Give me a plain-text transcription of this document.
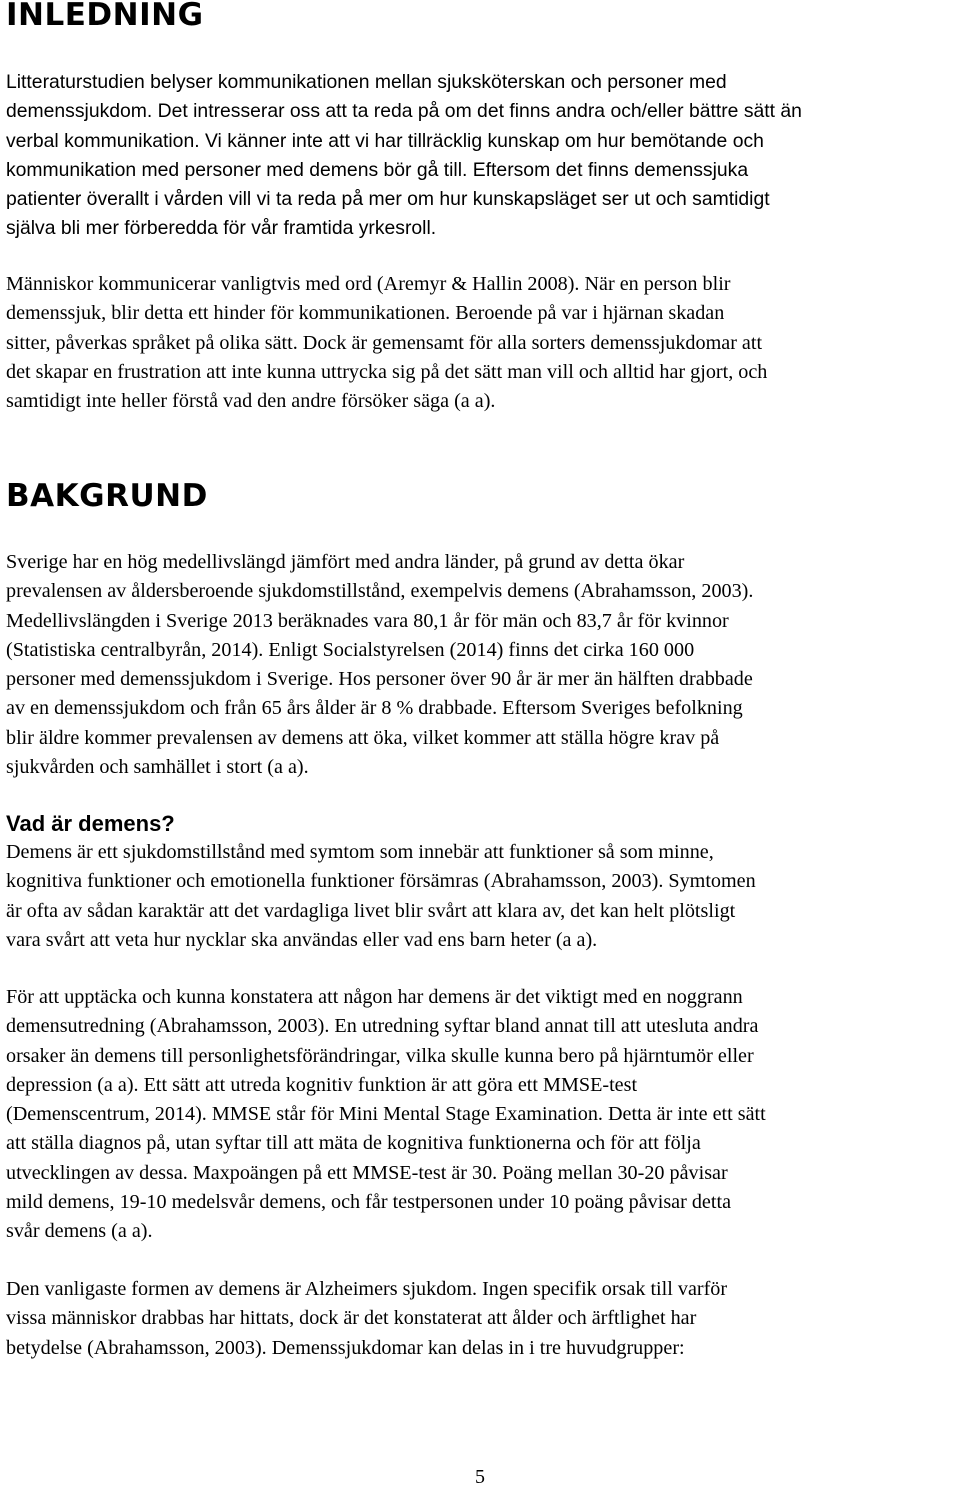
INLEDNING
Litteraturstudien belyser kommunikationen mellan sjuksköterskan och personer med
demenssjukdom. Det intresserar oss att ta reda på om det finns andra och/eller bättre sätt än
verbal kommunikation. Vi känner inte att vi har tillräcklig kunskap om hur bemötande och
kommunikation med personer med demens bör gå till. Eftersom det finns demenssjuka
patienter överallt i vården vill vi ta reda på mer om hur kunskapsläget ser ut och samtidigt
själva bli mer förberedda för vår framtida yrkesroll.
Människor kommunicerar vanligtvis med ord (Aremyr & Hallin 2008). När en person blir
demenssjuk, blir detta ett hinder för kommunikationen. Beroende på var i hjärnan skadan
sitter, påverkas språket på olika sätt. Dock är gemensamt för alla sorters demenssjukdomar att
det skapar en frustration att inte kunna uttrycka sig på det sätt man vill och alltid har gjort, och
samtidigt inte heller förstå vad den andre försöker säga (a a).
BAKGRUND
Sverige har en hög medellivslängd jämfört med andra länder, på grund av detta ökar
prevalensen av åldersberoende sjukdomstillstånd, exempelvis demens (Abrahamsson, 2003).
Medellivslängden i Sverige 2013 beräknades vara 80,1 år för män och 83,7 år för kvinnor
(Statistiska centralbyrån, 2014). Enligt Socialstyrelsen (2014) finns det cirka 160 000
personer med demenssjukdom i Sverige. Hos personer över 90 år är mer än hälften drabbade
av en demenssjukdom och från 65 års ålder är 8 % drabbade. Eftersom Sveriges befolkning
blir äldre kommer prevalensen av demens att öka, vilket kommer att ställa högre krav på
sjukvården och samhället i stort (a a).
Vad är demens?
Demens är ett sjukdomstillstånd med symtom som innebär att funktioner så som minne,
kognitiva funktioner och emotionella funktioner försämras (Abrahamsson, 2003). Symtomen
är ofta av sådan karaktär att det vardagliga livet blir svårt att klara av, det kan helt plötsligt
vara svårt att veta hur nycklar ska användas eller vad ens barn heter (a a).
För att upptäcka och kunna konstatera att någon har demens är det viktigt med en noggrann
demensutredning (Abrahamsson, 2003). En utredning syftar bland annat till att utesluta andra
orsaker än demens till personlighetsförändringar, vilka skulle kunna bero på hjärntumör eller
depression (a a). Ett sätt att utreda kognitiv funktion är att göra ett MMSE-test
(Demenscentrum, 2014). MMSE står för Mini Mental Stage Examination. Detta är inte ett sätt
att ställa diagnos på, utan syftar till att mäta de kognitiva funktionerna och för att följa
utvecklingen av dessa. Maxpoängen på ett MMSE-test är 30. Poäng mellan 30-20 påvisar
mild demens, 19-10 medelsvår demens, och får testpersonen under 10 poäng påvisar detta
svår demens (a a).
Den vanligaste formen av demens är Alzheimers sjukdom. Ingen specifik orsak till varför
vissa människor drabbas har hittats, dock är det konstaterat att ålder och ärftlighet har
betydelse (Abrahamsson, 2003). Demenssjukdomar kan delas in i tre huvudgrupper:

5
